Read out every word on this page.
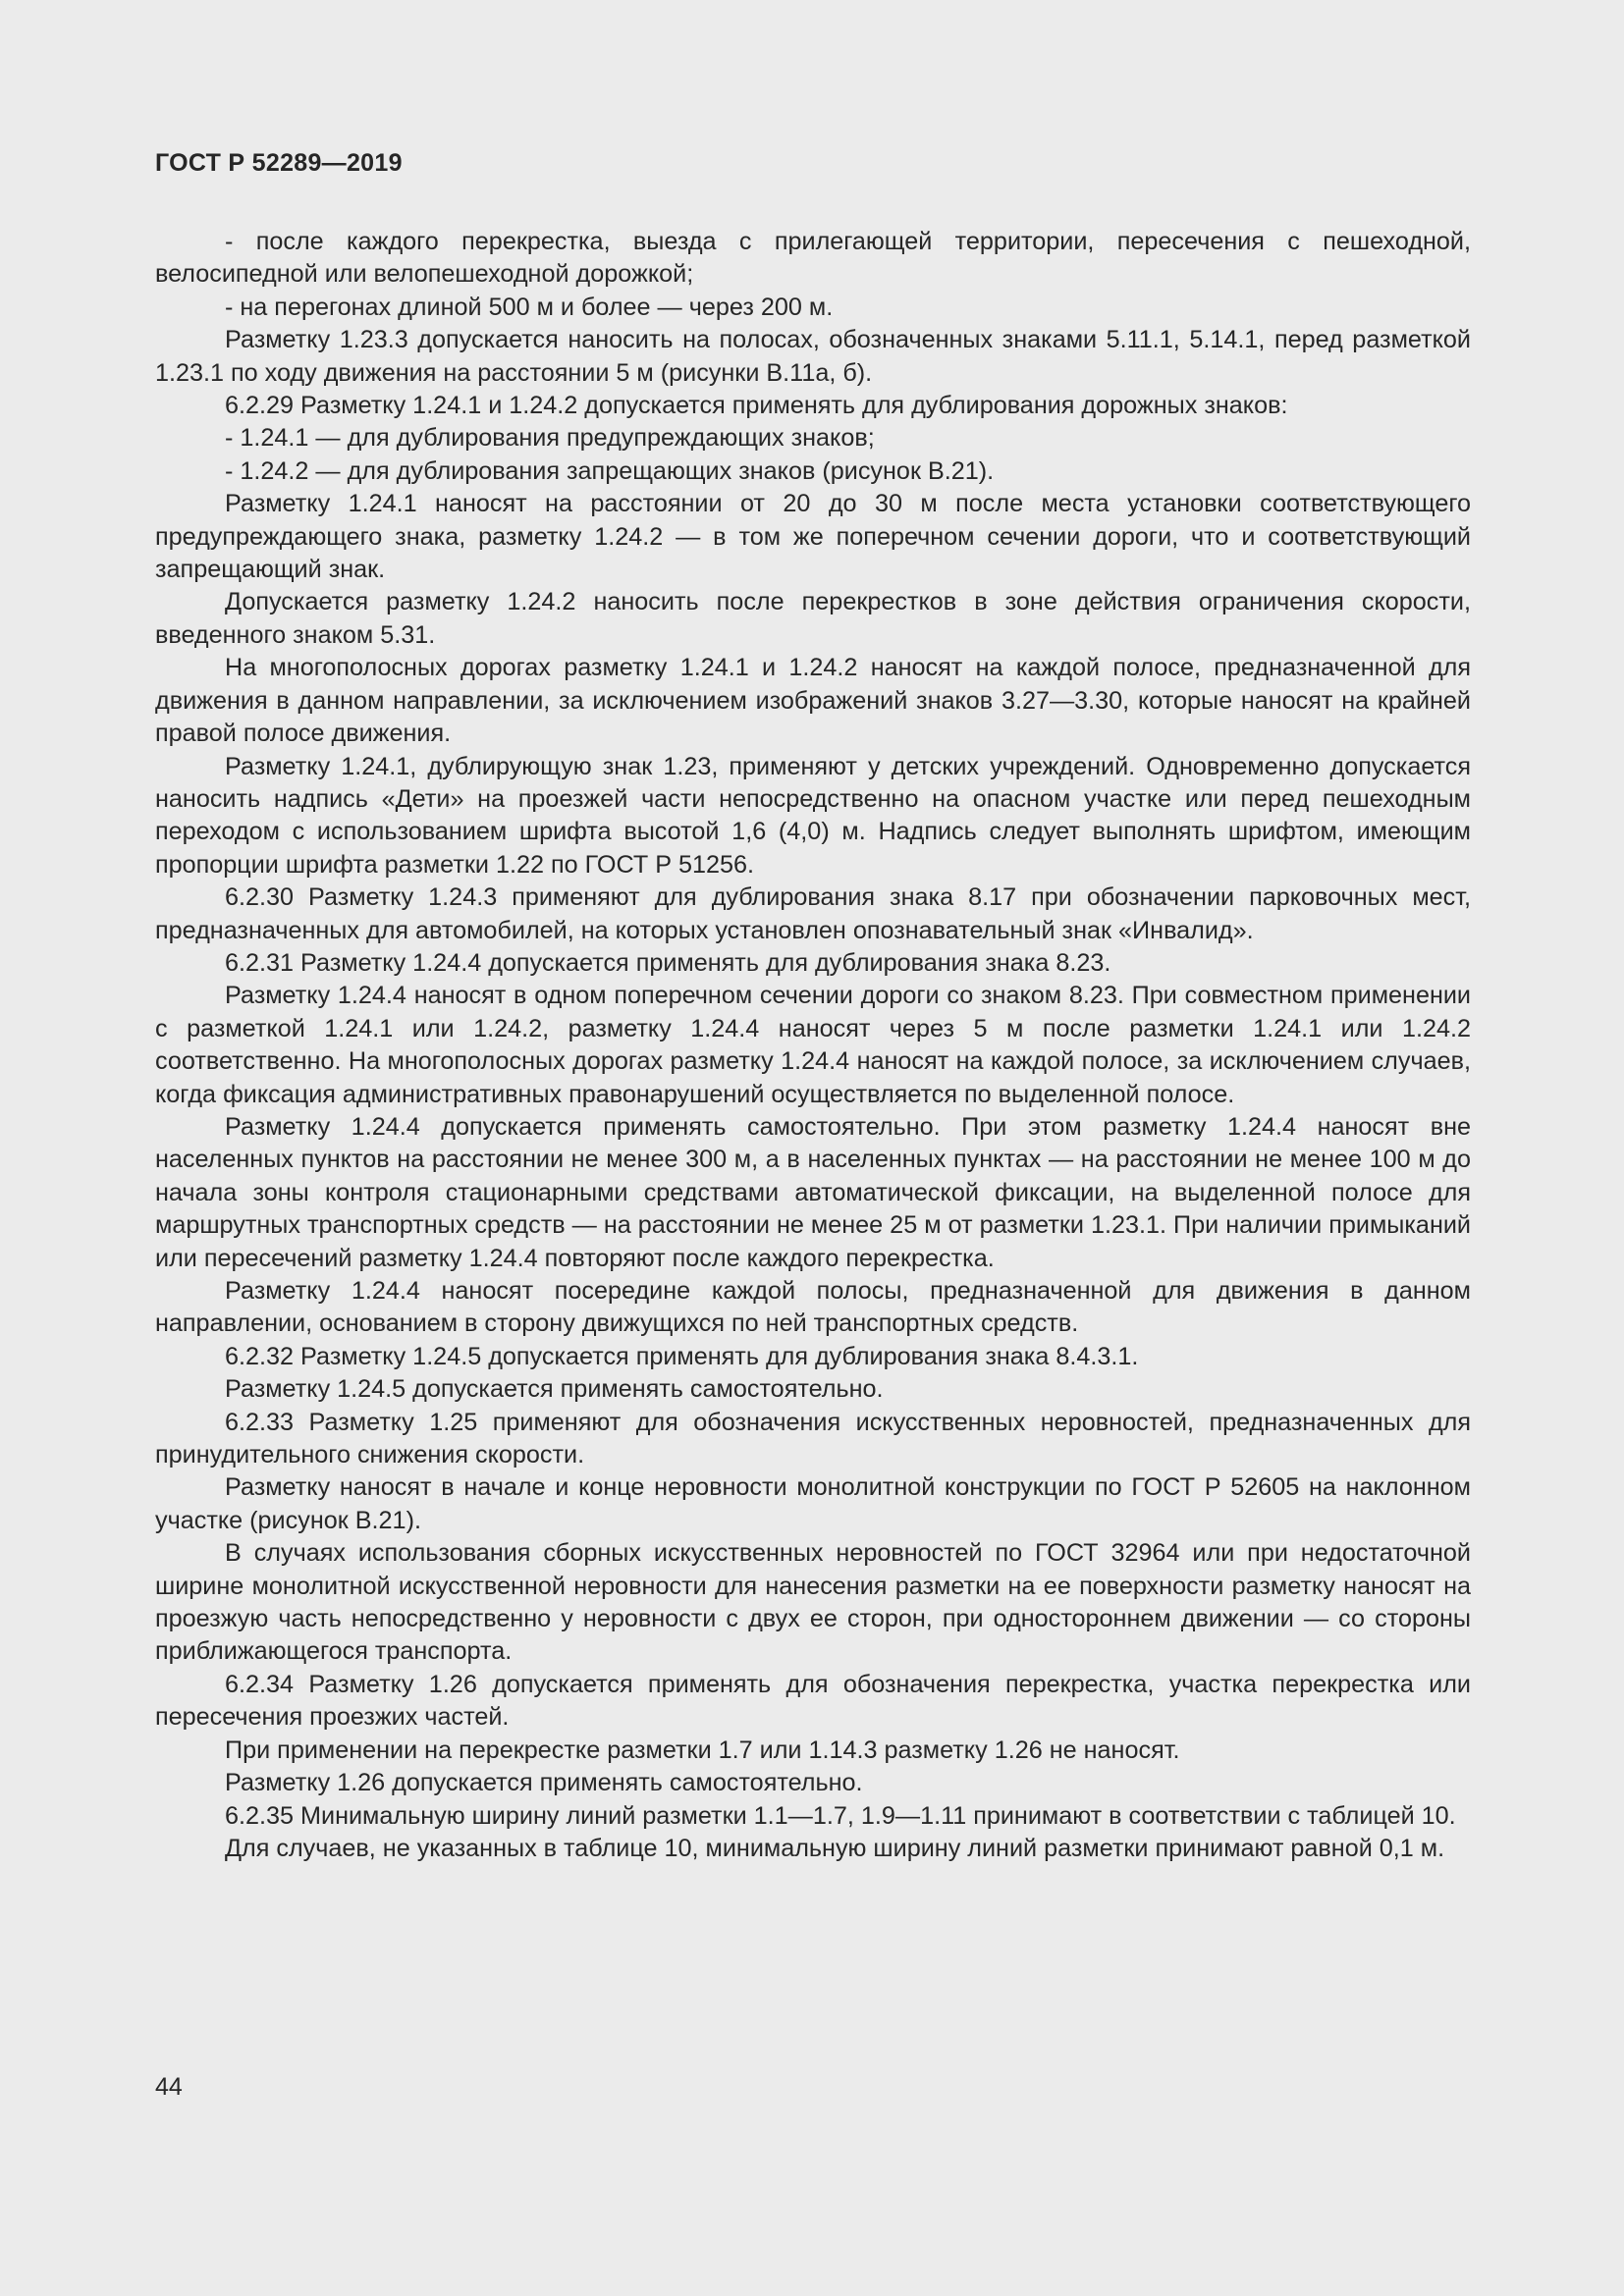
ГОСТ Р 52289—2019

- после каждого перекрестка, выезда с прилегающей территории, пересечения с пешеходной, велосипедной или велопешеходной дорожкой;

- на перегонах длиной 500 м и более — через 200 м.

Разметку 1.23.3 допускается наносить на полосах, обозначенных знаками 5.11.1, 5.14.1, перед разметкой 1.23.1 по ходу движения на расстоянии 5 м (рисунки В.11а, б).

6.2.29 Разметку 1.24.1 и 1.24.2 допускается применять для дублирования дорожных знаков:

- 1.24.1 — для дублирования предупреждающих знаков;

- 1.24.2 — для дублирования запрещающих знаков (рисунок В.21).

Разметку 1.24.1 наносят на расстоянии от 20 до 30 м после места установки соответствующего предупреждающего знака, разметку 1.24.2 — в том же поперечном сечении дороги, что и соответствующий запрещающий знак.

Допускается разметку 1.24.2 наносить после перекрестков в зоне действия ограничения скорости, введенного знаком 5.31.

На многополосных дорогах разметку 1.24.1 и 1.24.2 наносят на каждой полосе, предназначенной для движения в данном направлении, за исключением изображений знаков 3.27—3.30, которые наносят на крайней правой полосе движения.

Разметку 1.24.1, дублирующую знак 1.23, применяют у детских учреждений. Одновременно допускается наносить надпись «Дети» на проезжей части непосредственно на опасном участке или перед пешеходным переходом с использованием шрифта высотой 1,6 (4,0) м. Надпись следует выполнять шрифтом, имеющим пропорции шрифта разметки 1.22 по ГОСТ Р 51256.

6.2.30 Разметку 1.24.3 применяют для дублирования знака 8.17 при обозначении парковочных мест, предназначенных для автомобилей, на которых установлен опознавательный знак «Инвалид».

6.2.31 Разметку 1.24.4 допускается применять для дублирования знака 8.23.

Разметку 1.24.4 наносят в одном поперечном сечении дороги со знаком 8.23. При совместном применении с разметкой 1.24.1 или 1.24.2, разметку 1.24.4 наносят через 5 м после разметки 1.24.1 или 1.24.2 соответственно. На многополосных дорогах разметку 1.24.4 наносят на каждой полосе, за исключением случаев, когда фиксация административных правонарушений осуществляется по выделенной полосе.

Разметку 1.24.4 допускается применять самостоятельно. При этом разметку 1.24.4 наносят вне населенных пунктов на расстоянии не менее 300 м, а в населенных пунктах — на расстоянии не менее 100 м до начала зоны контроля стационарными средствами автоматической фиксации, на выделенной полосе для маршрутных транспортных средств — на расстоянии не менее 25 м от разметки 1.23.1. При наличии примыканий или пересечений разметку 1.24.4 повторяют после каждого перекрестка.

Разметку 1.24.4 наносят посередине каждой полосы, предназначенной для движения в данном направлении, основанием в сторону движущихся по ней транспортных средств.

6.2.32 Разметку 1.24.5 допускается применять для дублирования знака 8.4.3.1.

Разметку 1.24.5 допускается применять самостоятельно.

6.2.33 Разметку 1.25 применяют для обозначения искусственных неровностей, предназначенных для принудительного снижения скорости.

Разметку наносят в начале и конце неровности монолитной конструкции по ГОСТ Р 52605 на наклонном участке (рисунок В.21).

В случаях использования сборных искусственных неровностей по ГОСТ 32964 или при недостаточной ширине монолитной искусственной неровности для нанесения разметки на ее поверхности разметку наносят на проезжую часть непосредственно у неровности с двух ее сторон, при одностороннем движении — со стороны приближающегося транспорта.

6.2.34 Разметку 1.26 допускается применять для обозначения перекрестка, участка перекрестка или пересечения проезжих частей.

При применении на перекрестке разметки 1.7 или 1.14.3 разметку 1.26 не наносят.

Разметку 1.26 допускается применять самостоятельно.

6.2.35 Минимальную ширину линий разметки 1.1—1.7, 1.9—1.11 принимают в соответствии с таблицей 10.

Для случаев, не указанных в таблице 10, минимальную ширину линий разметки принимают равной 0,1 м.

44
